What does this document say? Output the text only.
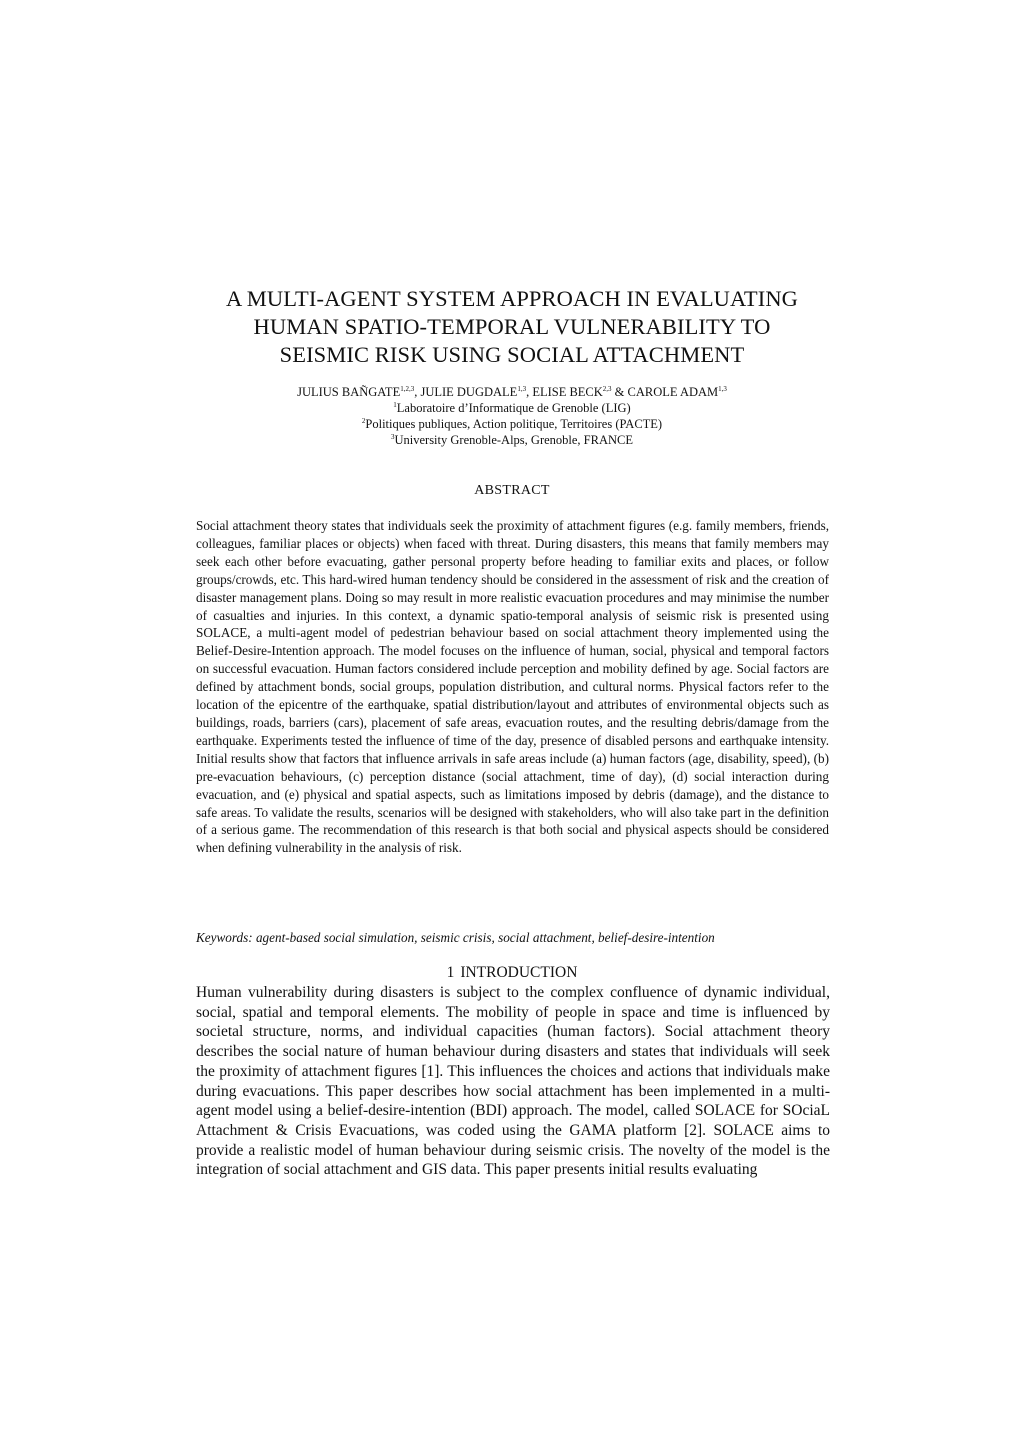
A MULTI-AGENT SYSTEM APPROACH IN EVALUATING
HUMAN SPATIO-TEMPORAL VULNERABILITY TO
SEISMIC RISK USING SOCIAL ATTACHMENT
JULIUS BAÑGATE$^{1,2,3}$, JULIE DUGDALE$^{1,3}$, ELISE BECK$^{2,3}$ & CAROLE ADAM$^{1,3}$
$^1$Laboratoire d’Informatique de Grenoble (LIG)
$^2$Politiques publiques, Action politique, Territoires (PACTE)
$^3$University Grenoble-Alps, Grenoble, FRANCE
ABSTRACT
Social attachment theory states that individuals seek the proximity of attachment figures (e.g. family members, friends, colleagues, familiar places or objects) when faced with threat. During disasters, this means that family members may seek each other before evacuating, gather personal property before heading to familiar exits and places, or follow groups/crowds, etc. This hard-wired human tendency should be considered in the assessment of risk and the creation of disaster management plans. Doing so may result in more realistic evacuation procedures and may minimise the number of casualties and injuries. In this context, a dynamic spatio-temporal analysis of seismic risk is presented using SOLACE, a multi-agent model of pedestrian behaviour based on social attachment theory implemented using the Belief-Desire-Intention approach. The model focuses on the influence of human, social, physical and temporal factors on successful evacuation. Human factors considered include perception and mobility defined by age. Social factors are defined by attachment bonds, social groups, population distribution, and cultural norms. Physical factors refer to the location of the epicentre of the earthquake, spatial distribution/layout and attributes of environmental objects such as buildings, roads, barriers (cars), placement of safe areas, evacuation routes, and the resulting debris/damage from the earthquake. Experiments tested the influence of time of the day, presence of disabled persons and earthquake intensity. Initial results show that factors that influence arrivals in safe areas include (a) human factors (age, disability, speed), (b) pre-evacuation behaviours, (c) perception distance (social attachment, time of day), (d) social interaction during evacuation, and (e) physical and spatial aspects, such as limitations imposed by debris (damage), and the distance to safe areas. To validate the results, scenarios will be designed with stakeholders, who will also take part in the definition of a serious game. The recommendation of this research is that both social and physical aspects should be considered when defining vulnerability in the analysis of risk.
Keywords: agent-based social simulation, seismic crisis, social attachment, belief-desire-intention
1 INTRODUCTION
Human vulnerability during disasters is subject to the complex confluence of dynamic individual, social, spatial and temporal elements. The mobility of people in space and time is influenced by societal structure, norms, and individual capacities (human factors). Social attachment theory describes the social nature of human behaviour during disasters and states that individuals will seek the proximity of attachment figures [1]. This influences the choices and actions that individuals make during evacuations. This paper describes how social attachment has been implemented in a multi-agent model using a belief-desire-intention (BDI) approach. The model, called SOLACE for SOciaL Attachment & Crisis Evacuations, was coded using the GAMA platform [2]. SOLACE aims to provide a realistic model of human behaviour during seismic crisis. The novelty of the model is the integration of social attachment and GIS data. This paper presents initial results evaluating
